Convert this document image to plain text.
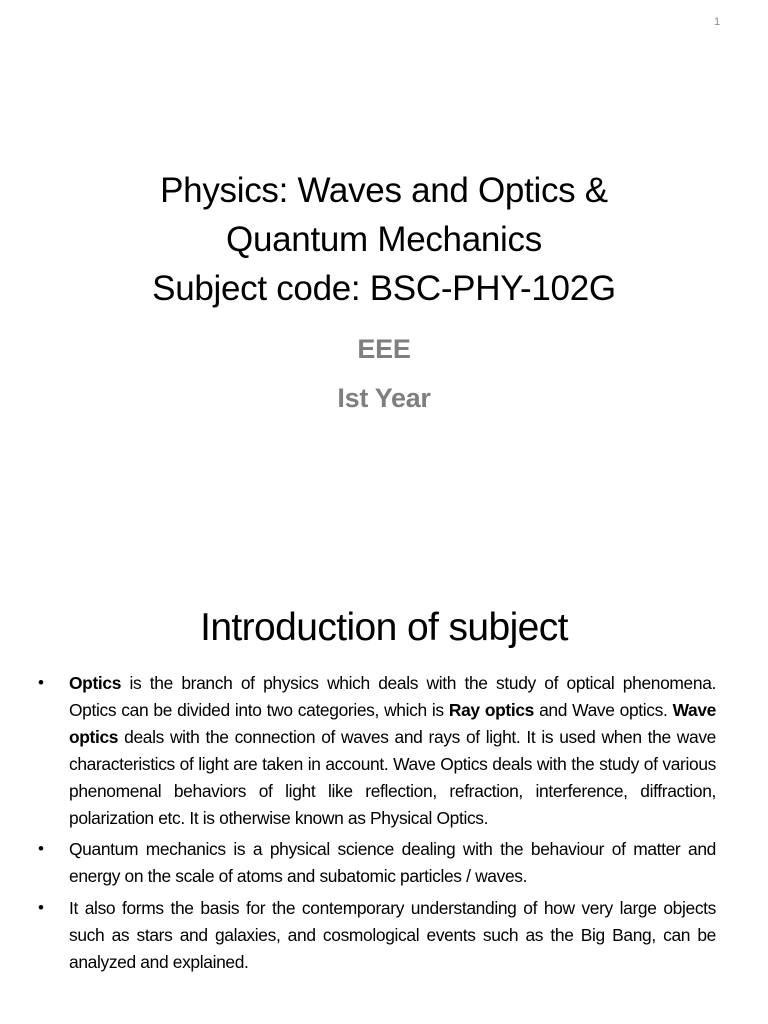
1
Physics: Waves and Optics &
Quantum Mechanics
Subject code: BSC-PHY-102G
EEE
Ist Year
Introduction of subject
• Optics is the branch of physics which deals with the study of optical phenomena. Optics can be divided into two categories, which is Ray optics and Wave optics. Wave optics deals with the connection of waves and rays of light. It is used when the wave characteristics of light are taken in account. Wave Optics deals with the study of various phenomenal behaviors of light like reflection, refraction, interference, diffraction, polarization etc. It is otherwise known as Physical Optics.
• Quantum mechanics is a physical science dealing with the behaviour of matter and energy on the scale of atoms and subatomic particles / waves.
• It also forms the basis for the contemporary understanding of how very large objects such as stars and galaxies, and cosmological events such as the Big Bang, can be analyzed and explained.
